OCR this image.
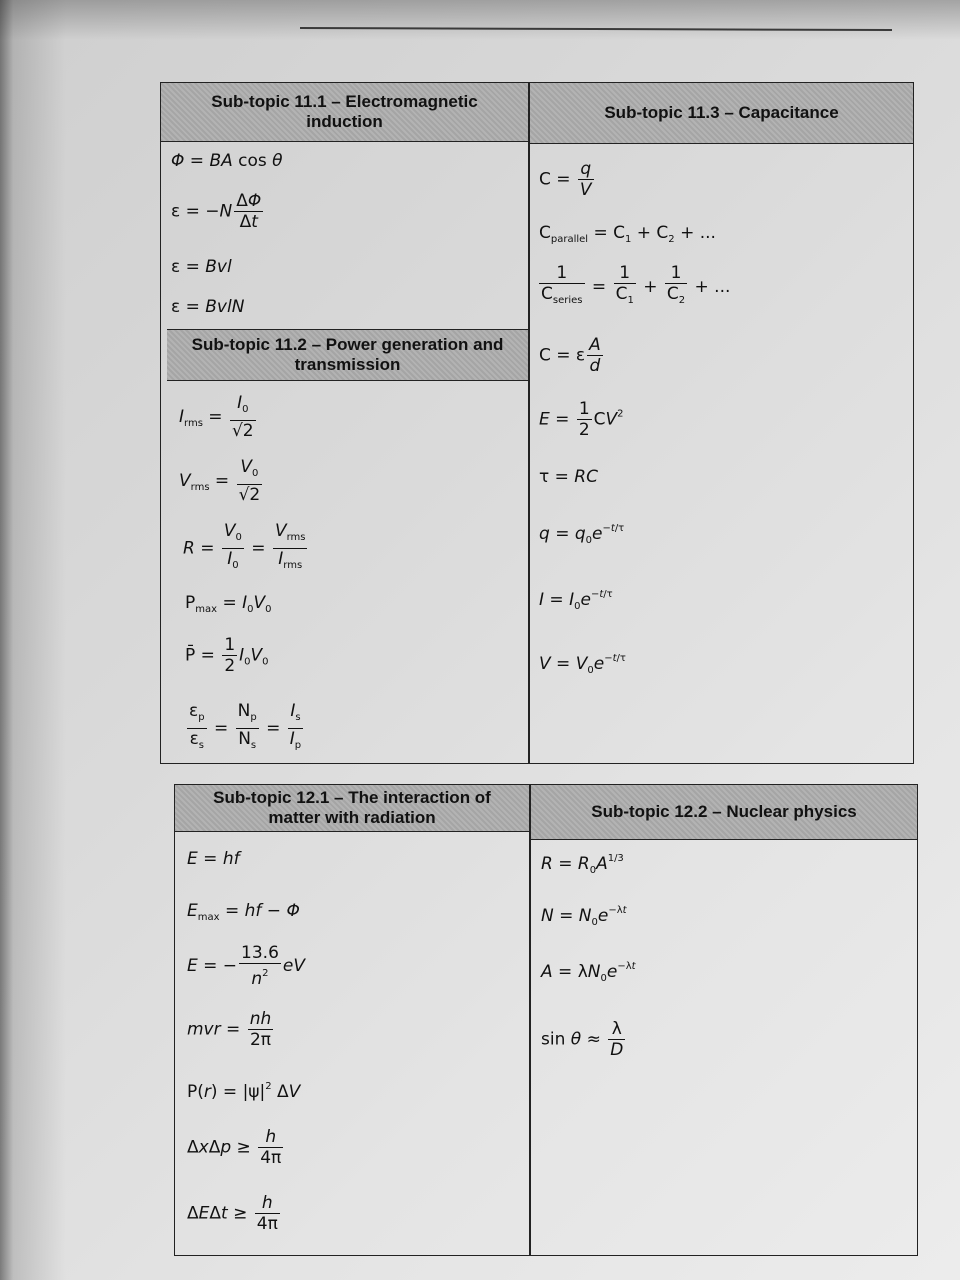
Sub-topic 11.1 – Electromagnetic induction	Sub-topic 11.3 – Capacitance
Sub-topic 11.2 – Power generation and transmission
Φ = BA cos θ
$\varepsilon = -N \frac{\Delta\Phi}{\Delta t}$
ε = Bvl
ε = BvlN
$I_{rms} = \frac{I_0}{√2}$
$V_{rms} = \frac{V_0}{√2}$
$R = \frac{V_0}{I_0} = \frac{V_{rms}}{I_{rms}}$
$P_{max} = I_0V_0$
P̄ = $\frac{1}{2} I_0V_0$
$\frac{\varepsilon_p}{\varepsilon_s} = \frac{N_p}{N_s} = \frac{I_s}{I_p}$
$C = \frac{q}{V}$
$C_{parallel} = C_1 + C_2$ + ...
$\frac{1}{C_{series}} = \frac{1}{C_1} + \frac{1}{C_2}$ + ...
C = ε $\frac{A}{d}$
$E = \frac{1}{2} CV^2$
τ = RC
$q = q_0e^{-t/\tau}$
$I = I_0e^{-t/\tau}$
$V = V_0e^{-t/\tau}$
Sub-topic 12.1 – The interaction of matter with radiation	Sub-topic 12.2 – Nuclear physics
E = hf
$E_{max}$ = hf − Φ
E = − $\frac{13.6}{n^2}$ eV
mvr = $\frac{nh}{2\pi}$
$P(r) = |\psi|^2$ ΔV
$\Delta x\Delta p \ge \frac{h}{4\pi}$
$\Delta E\Delta t \ge \frac{h}{4\pi}$
$R = R_0A^{1/3}$
$N = N_0e^{-\lambda t}$
$A = \lambda N_0e^{-\lambda t}$
$\sin \theta \approx \frac{\lambda}{D}$
